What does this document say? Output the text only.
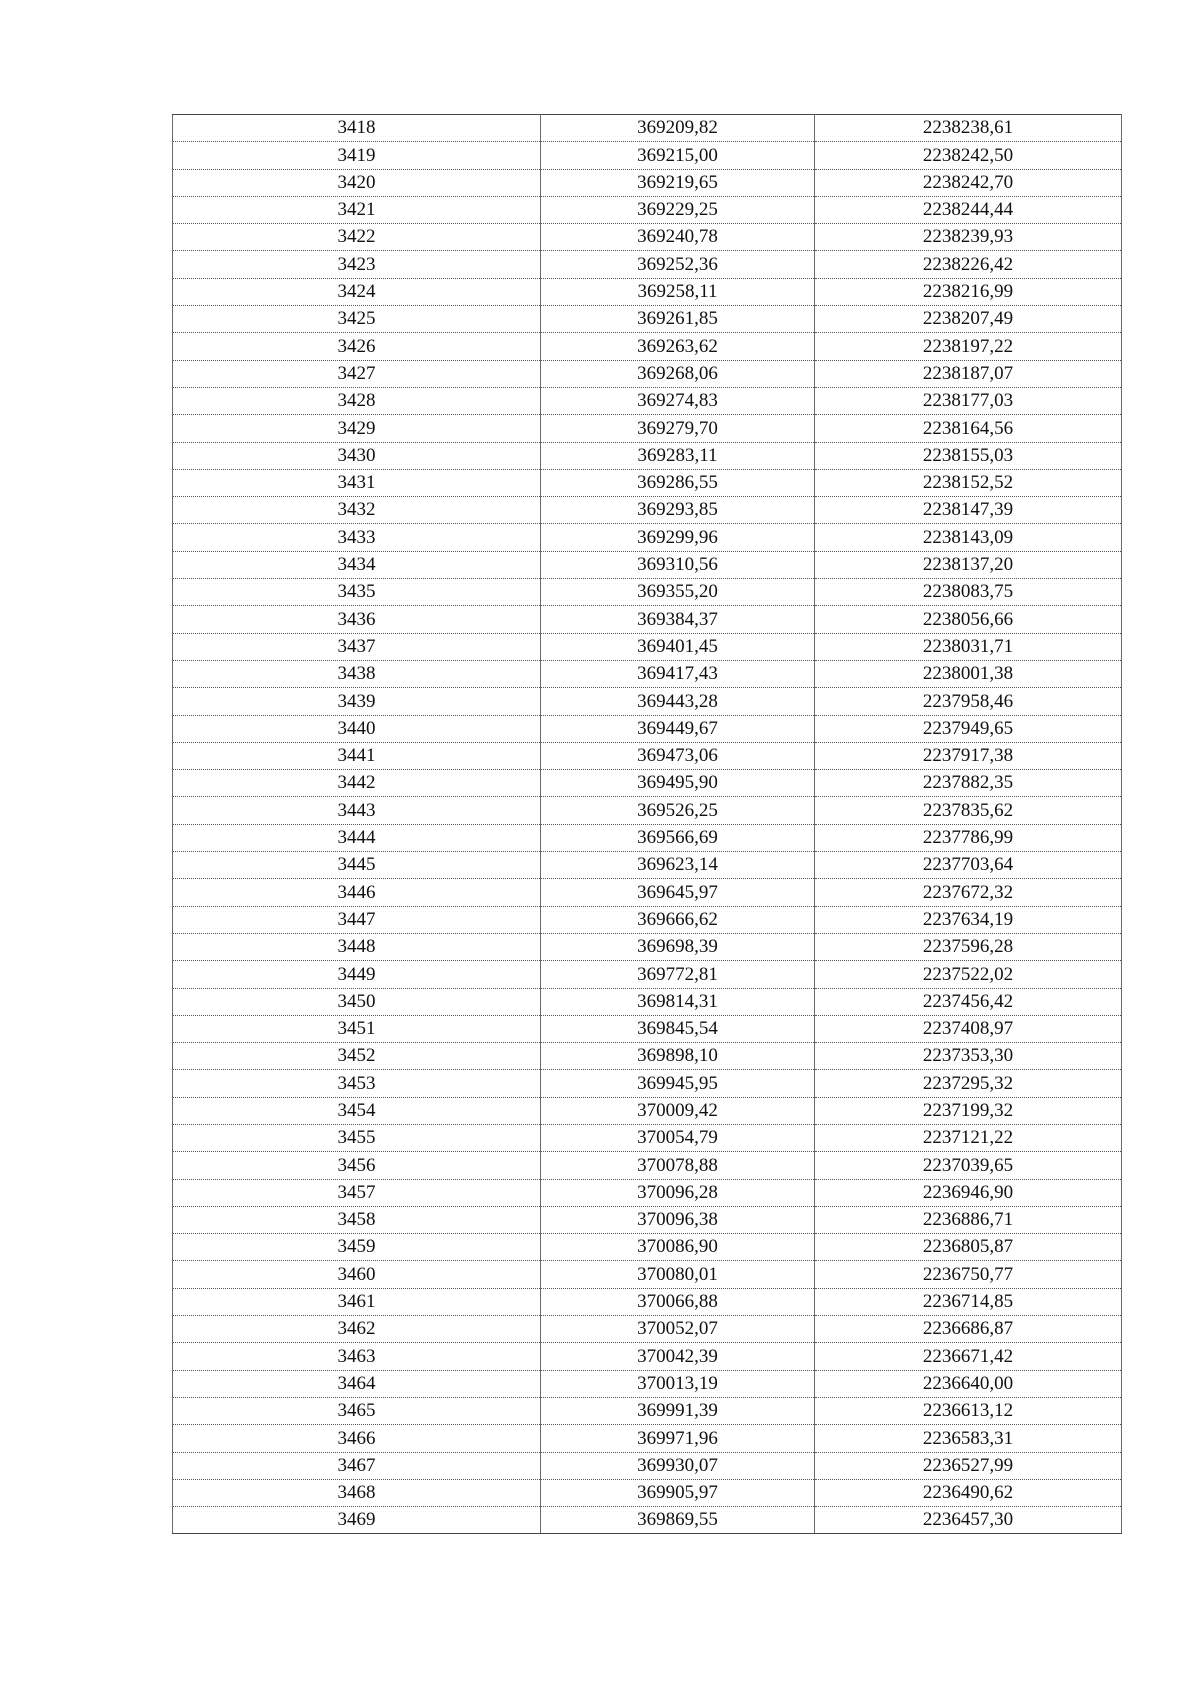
3418	369209,82	2238238,61
3419	369215,00	2238242,50
3420	369219,65	2238242,70
3421	369229,25	2238244,44
3422	369240,78	2238239,93
3423	369252,36	2238226,42
3424	369258,11	2238216,99
3425	369261,85	2238207,49
3426	369263,62	2238197,22
3427	369268,06	2238187,07
3428	369274,83	2238177,03
3429	369279,70	2238164,56
3430	369283,11	2238155,03
3431	369286,55	2238152,52
3432	369293,85	2238147,39
3433	369299,96	2238143,09
3434	369310,56	2238137,20
3435	369355,20	2238083,75
3436	369384,37	2238056,66
3437	369401,45	2238031,71
3438	369417,43	2238001,38
3439	369443,28	2237958,46
3440	369449,67	2237949,65
3441	369473,06	2237917,38
3442	369495,90	2237882,35
3443	369526,25	2237835,62
3444	369566,69	2237786,99
3445	369623,14	2237703,64
3446	369645,97	2237672,32
3447	369666,62	2237634,19
3448	369698,39	2237596,28
3449	369772,81	2237522,02
3450	369814,31	2237456,42
3451	369845,54	2237408,97
3452	369898,10	2237353,30
3453	369945,95	2237295,32
3454	370009,42	2237199,32
3455	370054,79	2237121,22
3456	370078,88	2237039,65
3457	370096,28	2236946,90
3458	370096,38	2236886,71
3459	370086,90	2236805,87
3460	370080,01	2236750,77
3461	370066,88	2236714,85
3462	370052,07	2236686,87
3463	370042,39	2236671,42
3464	370013,19	2236640,00
3465	369991,39	2236613,12
3466	369971,96	2236583,31
3467	369930,07	2236527,99
3468	369905,97	2236490,62
3469	369869,55	2236457,30
